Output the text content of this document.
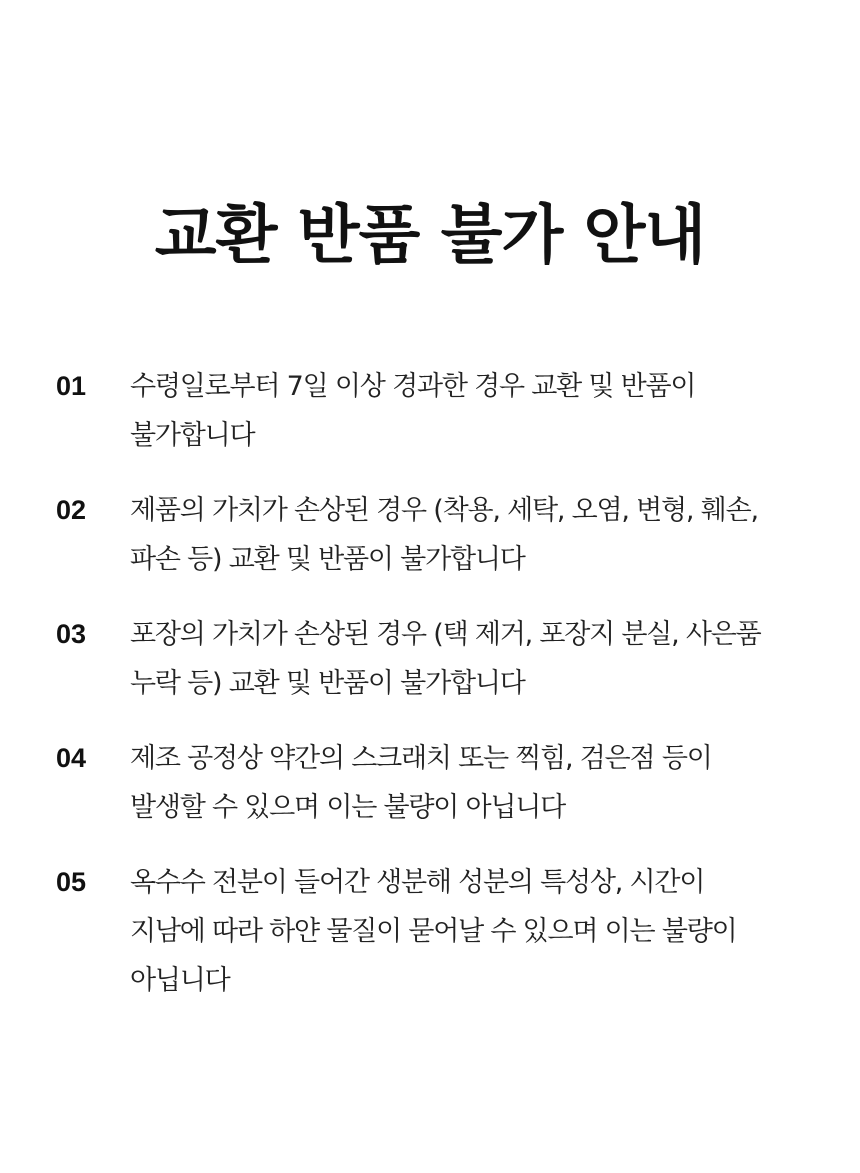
교환 반품 불가 안내
01	수령일로부터 7일 이상 경과한 경우 교환 및 반품이
불가합니다
02	제품의 가치가 손상된 경우 (착용, 세탁, 오염, 변형, 훼손,
파손 등) 교환 및 반품이 불가합니다
03	포장의 가치가 손상된 경우 (택 제거, 포장지 분실, 사은품
누락 등) 교환 및 반품이 불가합니다
04	제조 공정상 약간의 스크래치 또는 찍힘, 검은점 등이
발생할 수 있으며 이는 불량이 아닙니다
05	옥수수 전분이 들어간 생분해 성분의 특성상, 시간이
지남에 따라 하얀 물질이 묻어날 수 있으며 이는 불량이
아닙니다
